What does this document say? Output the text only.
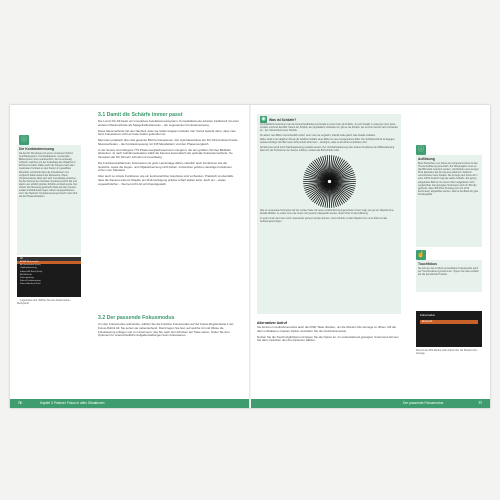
ⓘ
Die Kontrastmessung

Da die DC-S9 arbeitet mit einem modernen Hybrid-Autofokussystem. Kontrastbasierte, verwendete Bildsensoren sind verantwortlich, die bis eindeutig schlecht, welches von der Fokuslage des Objektivs in Echtzeit ermittelt. Dabei sucht die Kamera nach dem maximalen Kontrast an den Kanten im gewählten Messfeld, verschiebt dazu die Fokuslinsen und vergleicht dabei laufend die Messwerte. Diese Vorgehensweise lässt sich sehr zuverlässig einsetzen, bis die Kamera den höchsten Kontrast erreicht hat und damit eine wirklich präzise Schärfe ermittelt wurde. Der Vorteil: Die Messung geschieht direkt auf dem Sensor, sodass Fehlfokussierungen nahezu ausgeschlossen sind. Der Nachteil: Kontrastmessung braucht mehr Zeit als die Phasendetektion.

AF
AF/AE Messmodus
AF-Sensitivität (Foto)
Objekterkennung
Individ. AF-Einst.(Foto)
AF-Hilfslicht
Fokuspeaking
Fokus-Positionierung
Fokus-/Auslöse-Prior.
… zugeordnet sind. Wählen Sie den Fokusmodus-Menüpunkt.
3.1 Damit die Schärfe immer passt

Die Lumix DC-S9 bietet ein innovatives Autofokusmesssystem. Kompaktkameras arbeiten traditionell mit einer anderen Messmethode als Spiegelreflexkameras – der sogenannten Kontrastmessung.

Diese Messmethode hat den Nachteil, dass sie relativ langsam arbeitet. Der Vorteil besteht darin, dass man beim Fokussieren nicht an feste Felder gebunden ist.

Man kann praktisch über das gesamte Bild frei fokussieren. Der Hybridautofokus der DC-S9 kombiniert beide Messmethoden – die Kontrastmessung mit 315 Messfeldern und den Phasenvergleich.

In der Sensor sind übrigens 779 Phasenvergleichssensoren integriert, die den größten Teil des Bildfelds abdecken. Je nach Aufnahmesituation wählt die Kamera automatisch die optimale Fokussiermethode. So fokussiert die DC-S9 sehr schnell und zuverlässig.

Die Funktionsvielfalt beim Fokussieren ist groß. Heutzutage dürfen natürlich auch Funktionen wie die Gesichts- sowie die Augen- und Objekterkennung nicht fehlen. Inzwischen gehören derartige Funktionen schon zum Standard.

Aber auch so simple Funktionen wie ein kontinuierlicher Autofokus sind vorhanden. Praktisch ist ebenfalls, dass die Kamera erkennt Objekte per Motivverfolgung präzise scharf stellen kann. Auch ein – etwas ungewöhnlicher – Sternen-licht-AF wird bereitgestellt.

3.2 Der passende Fokusmodus

Um den Fokusmodus aufzurufen, wählen Sie die Funktion Fokusmodus auf der Fokus-Registerkarte 1 der Fokus-Rubrik AF. Sie sehen sie nebenstehend. Damit legen Sie fest, auf welche Art und Weise die Fokussierung erfolgen soll. Im Untermenü, das Sie nach dem Drücken der Taste sehen, finden Sie drei Optionen für unterschiedliche Aufgabenstellungen beim Fokussieren.

76	Kapitel 3 Präziser Fokus in allen Situationen
◉ Was ist Schärfe?

Grundsätzlich bezeichnet man die Unterscheidbarkeit von Details in einem Foto als Schärfe. Je mehr Details zu erkennen sind, desto schärfer erscheint das Bild. Neben der Schärfe, die physikalisch vorhanden ist, gibt es die Schärfe, die wir ihrer Ansicht nach vorhanden ist – den Sinneindruck einer Schärfe.

So wirken zwei Bilder unterschiedlich scharf, wenn man sie vergleicht, obwohl beide gleich viele Details enthalten.

Daher spielt in der täglichen Praxis die wirkliche Schärfe eines Bilds nur eine untergeordnete Rolle. Der Schärfeeindruck ist dagegen weitaus wichtiger. Ein Bild muss nicht perfekt scharf sein – wichtig ist, dass es als scharf empfunden wird.

Schärfe kann auch durch Nachbearbeitung verstärkt werden. Per Unscharfmaskierung oder anderer Funktionen der Bildbearbeitung lässt sich der Kontrast an den Kanten erhöhen, sodass das Bild schärfer wirkt.

Das so verwendete Testmuster auf der rechten Seite mit seinen strahlenförmig angeordneten Linien zeigt, wie gut ein Objektiv feine Details abbildet. Je weiter innen die Linien noch getrennt dargestellt werden, desto höher ist die Auflösung.

In weiter innen die Linien noch voneinander getrennt werden können, umso schärfer ist das Objektiv bzw. umso höher ist das Auflösungsvermögen.

Alternativer Aufruf

Sie können in Aufnahmemodus auch die DISP-Taste drücken, um die Monitor-Info-Anzeige zu öffnen. Mit der darin enthaltenen zweiten Option verändern Sie den Autofokusmodus.

Nutzen Sie die Touchmöglichkeit und tippen Sie die Option an. Im nebenstehend gezeigten Untermenü können Sie dann zwischen den drei Optionen wählen.

ⓘ
Auflösung

Beim Betrachten von Fotos am Computermonitor ist das Thema Auflösung wesentlich. Zur Wiedergabe muss es das Bild stark reduziert werden, da Monitore weit weniger Pixel darstellen als die Kamera aufnimmt. Dadurch verschwinden feine Details. Die Anzeige des Fotos oft in einer 100%-Ansicht zeigt die wahre Schärfe. Ein gering aufgelöstes Bild ist mit einem höher aufgelösten nicht vergleichbar. Ein gezeigtes Testmuster wird mit 300 dpi gedruckt, dass 300 Pixel (Punkte) pro Inch (2,54 Zentimeter) abgebildet werden. Das ist die Basis für gute Druckqualität.

☝
Touchfokus

Sie können die im Menü einstellbaren Fokuspunkte auch per Touchbedienung bestimmen. Tippen Sie dazu einfach auf die betreffende Position.

Fokusmodus
Einzel-AF
Dies ist der AFS-Modus nach Aufruf über die Monitor-Info-Anzeige.
Der passende Fokusmodus	77
